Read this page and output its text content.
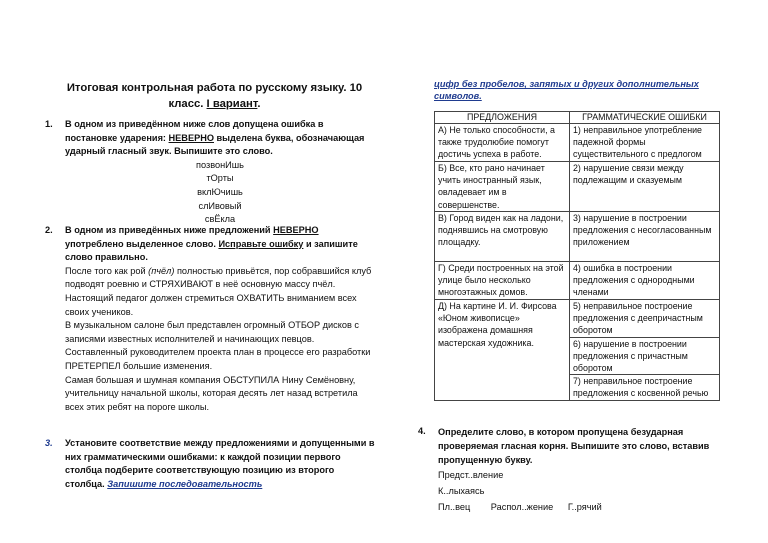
Итоговая контрольная работа по русскому языку. 10
класс. I вариант.
1. В одном из приведённом ниже слов допущена ошибка в постановке ударения: НЕВЕРНО выделена буква, обозначающая ударный гласный звук. Выпишите это слово.
позвонИшь
тОрты
вклЮчишь
слИвовый
свЁкла
2. В одном из приведённых ниже предложений НЕВЕРНО употреблено выделенное слово. Исправьте ошибку и запишите слово правильно.
После того как рой (пчёл) полностью привьётся, пор собравшийся клуб подводят роевню и СТРЯХИВАЮТ в неё основную массу пчёл.
Настоящий педагог должен стремиться ОХВАТИТЬ вниманием всех своих учеников.
В музыкальном салоне был представлен огромный ОТБОР дисков с записями известных исполнителей и начинающих певцов.
Составленный руководителем проекта план в процессе его разработки ПРЕТЕРПЕЛ большие изменения.
Самая большая и шумная компания ОБСТУПИЛА Нину Семёновну, учительницу начальной школы, которая десять лет назад встретила всех этих ребят на пороге школы.
3. Установите соответствие между предложениями и допущенными в них грамматическими ошибками: к каждой позиции первого столбца подберите соответствующую позицию из второго столбца. Запишите последовательность
цифр без пробелов, запятых и других дополнительных символов.
ПРЕДЛОЖЕНИЯ	ГРАММАТИЧЕСКИЕ ОШИБКИ
А) Не только способности, а также трудолюбие помогут достичь успеха в работе.	1) неправильное употребление падежной формы существительного с предлогом
Б) Все, кто рано начинает учить иностранный язык, овладевает им в совершенстве.	2) нарушение связи между подлежащим и сказуемым
В) Город виден как на ладони, поднявшись на смотровую площадку.	3) нарушение в построении предложения с несогласованным приложением
Г) Среди построенных на этой улице было несколько многоэтажных домов.	4) ошибка в построении предложения с однородными членами
Д) На картине И. И. Фирсова «Юном живописце» изображена домашняя мастерская художника.	5) неправильное построение предложения с деепричастным оборотом
6) нарушение в построении предложения с причастным оборотом
7) неправильное построение предложения с косвенной речью
4.	Определите слово, в котором пропущена безударная проверяемая гласная корня. Выпишите это слово, вставив пропущенную букву.
Предст..вление
К..лыхаясь
Пл..вец Распол..жение Г..рячий
